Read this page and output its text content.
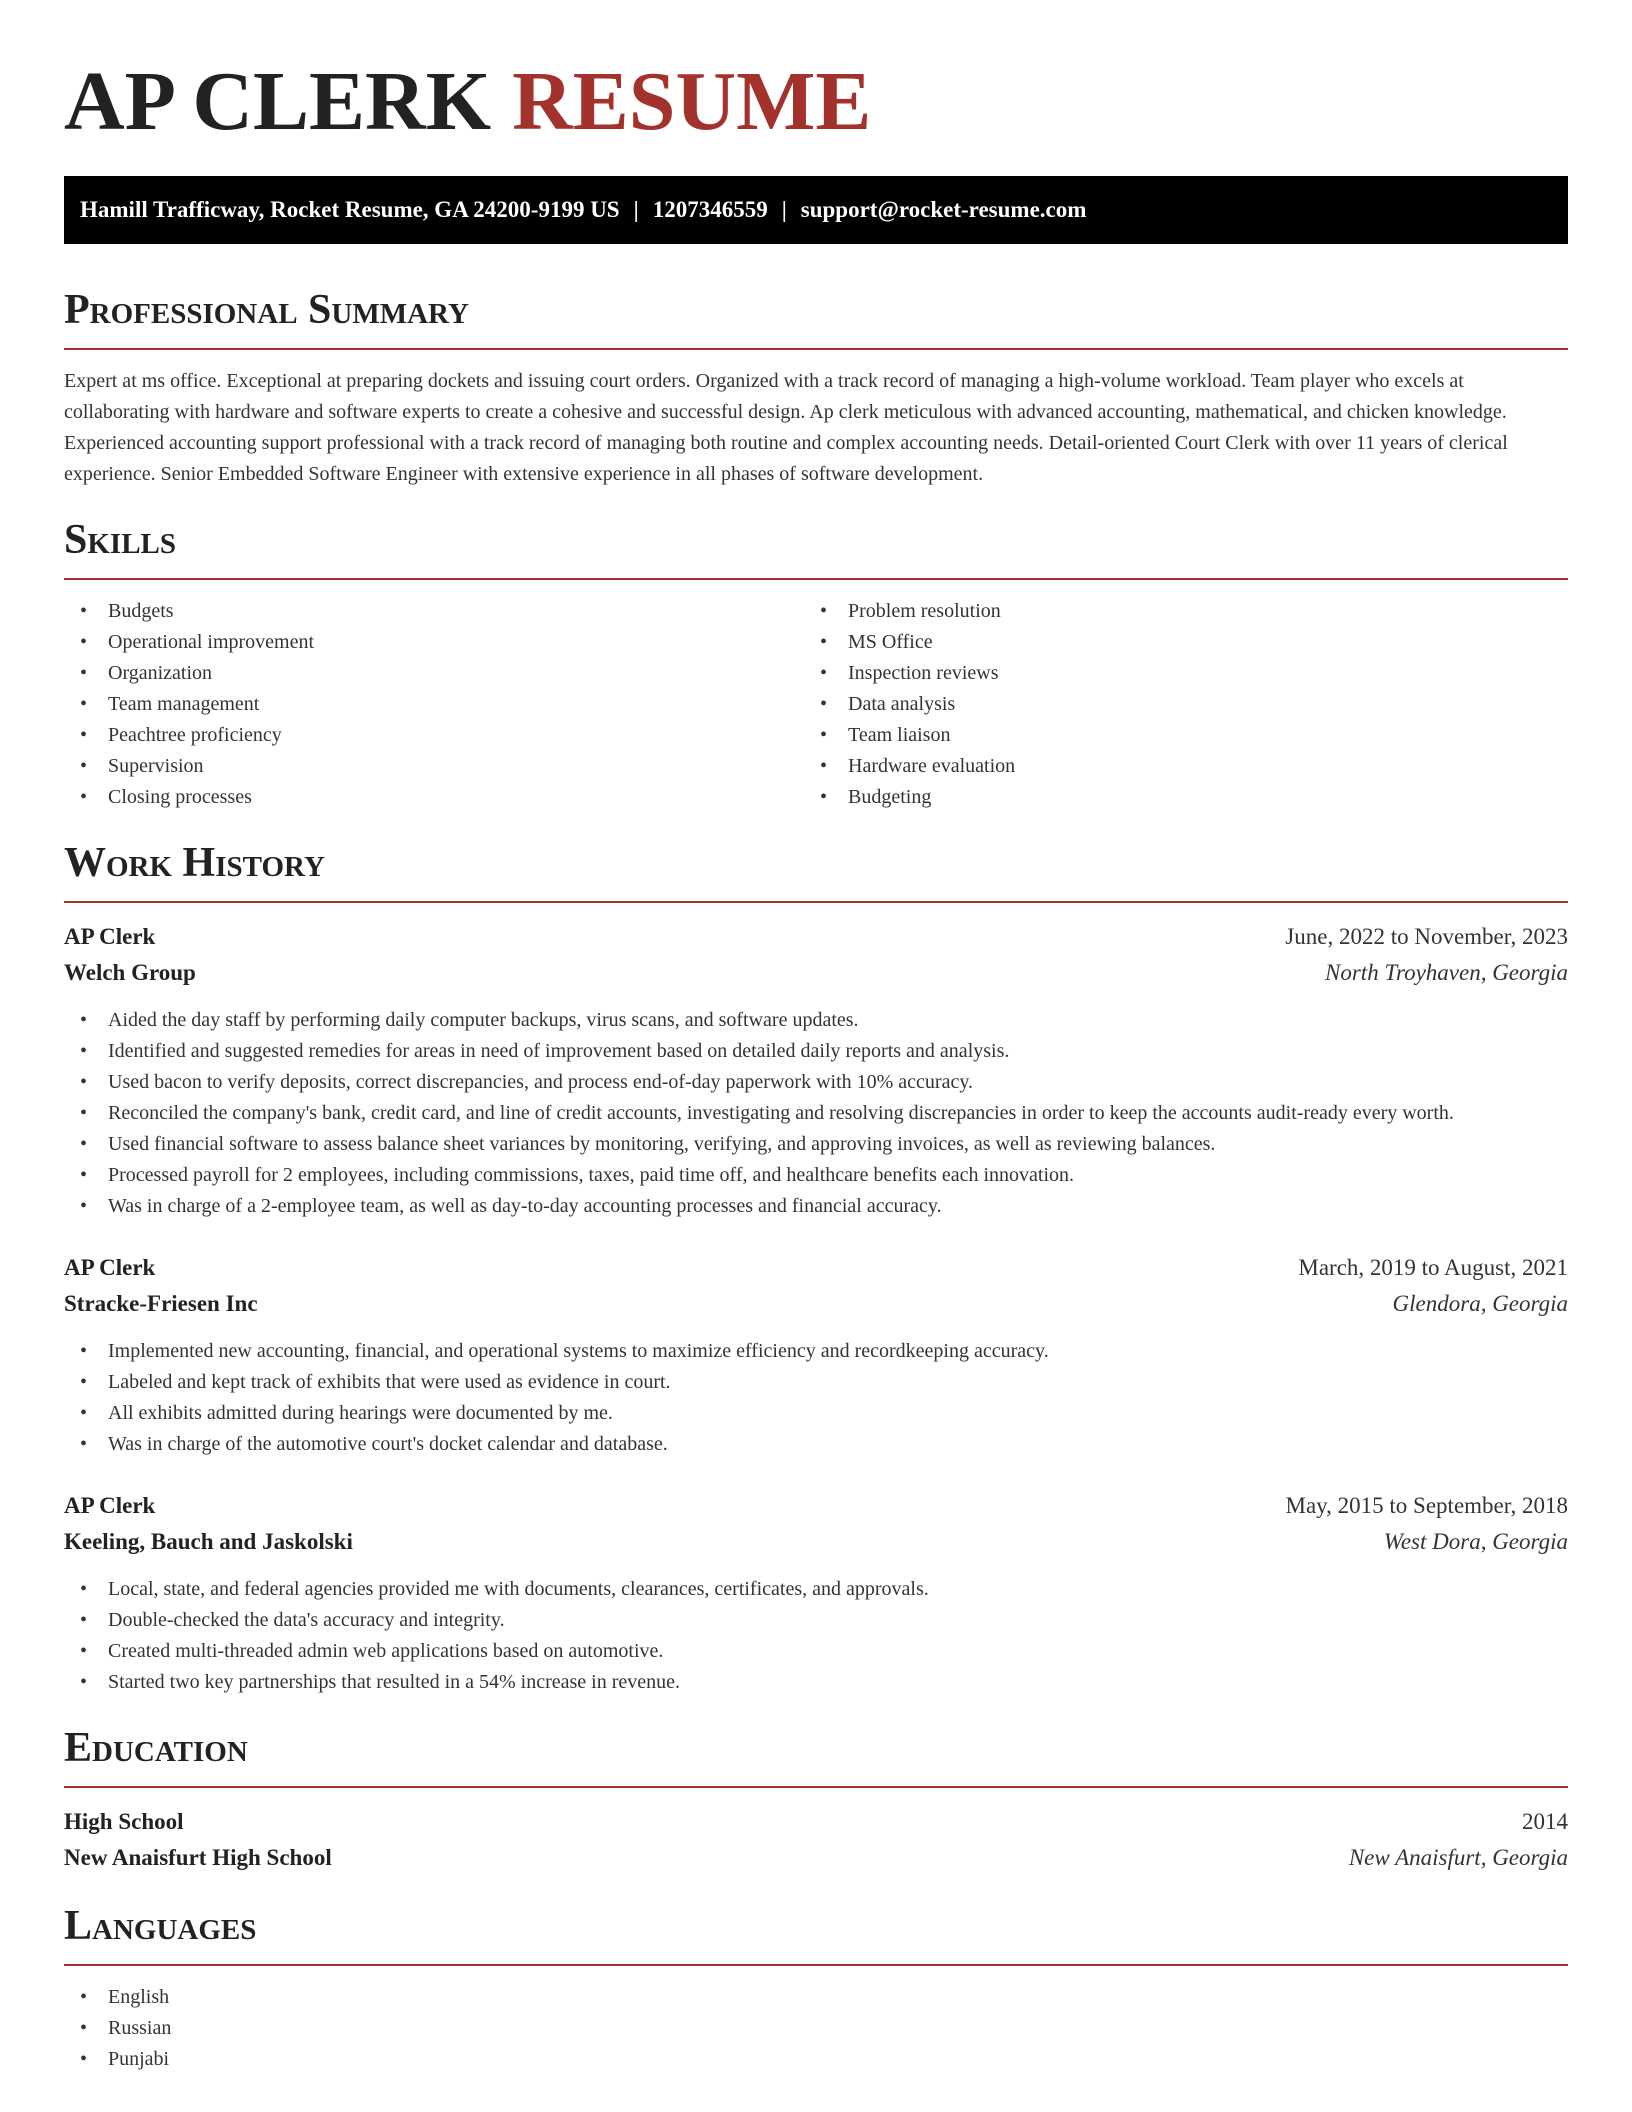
AP CLERK RESUME
Hamill Trafficway, Rocket Resume, GA 24200-9199 US | 1207346559 | support@rocket-resume.com
Professional Summary

Expert at ms office. Exceptional at preparing dockets and issuing court orders. Organized with a track record of managing a high-volume workload. Team player who excels at collaborating with hardware and software experts to create a cohesive and successful design. Ap clerk meticulous with advanced accounting, mathematical, and chicken knowledge. Experienced accounting support professional with a track record of managing both routine and complex accounting needs. Detail-oriented Court Clerk with over 11 years of clerical experience. Senior Embedded Software Engineer with extensive experience in all phases of software development.

Skills
• Budgets
• Operational improvement
• Organization
• Team management
• Peachtree proficiency
• Supervision
• Closing processes
• Problem resolution
• MS Office
• Inspection reviews
• Data analysis
• Team liaison
• Hardware evaluation
• Budgeting
Work History
AP Clerk	June, 2022 to November, 2023
Welch Group	North Troyhaven, Georgia
• Aided the day staff by performing daily computer backups, virus scans, and software updates.
• Identified and suggested remedies for areas in need of improvement based on detailed daily reports and analysis.
• Used bacon to verify deposits, correct discrepancies, and process end-of-day paperwork with 10% accuracy.
• Reconciled the company's bank, credit card, and line of credit accounts, investigating and resolving discrepancies in order to keep the accounts audit-ready every worth.
• Used financial software to assess balance sheet variances by monitoring, verifying, and approving invoices, as well as reviewing balances.
• Processed payroll for 2 employees, including commissions, taxes, paid time off, and healthcare benefits each innovation.
• Was in charge of a 2-employee team, as well as day-to-day accounting processes and financial accuracy.
AP Clerk	March, 2019 to August, 2021
Stracke-Friesen Inc	Glendora, Georgia
• Implemented new accounting, financial, and operational systems to maximize efficiency and recordkeeping accuracy.
• Labeled and kept track of exhibits that were used as evidence in court.
• All exhibits admitted during hearings were documented by me.
• Was in charge of the automotive court's docket calendar and database.
AP Clerk	May, 2015 to September, 2018
Keeling, Bauch and Jaskolski	West Dora, Georgia
• Local, state, and federal agencies provided me with documents, clearances, certificates, and approvals.
• Double-checked the data's accuracy and integrity.
• Created multi-threaded admin web applications based on automotive.
• Started two key partnerships that resulted in a 54% increase in revenue.
Education
High School	2014
New Anaisfurt High School	New Anaisfurt, Georgia
Languages
• English
• Russian
• Punjabi
